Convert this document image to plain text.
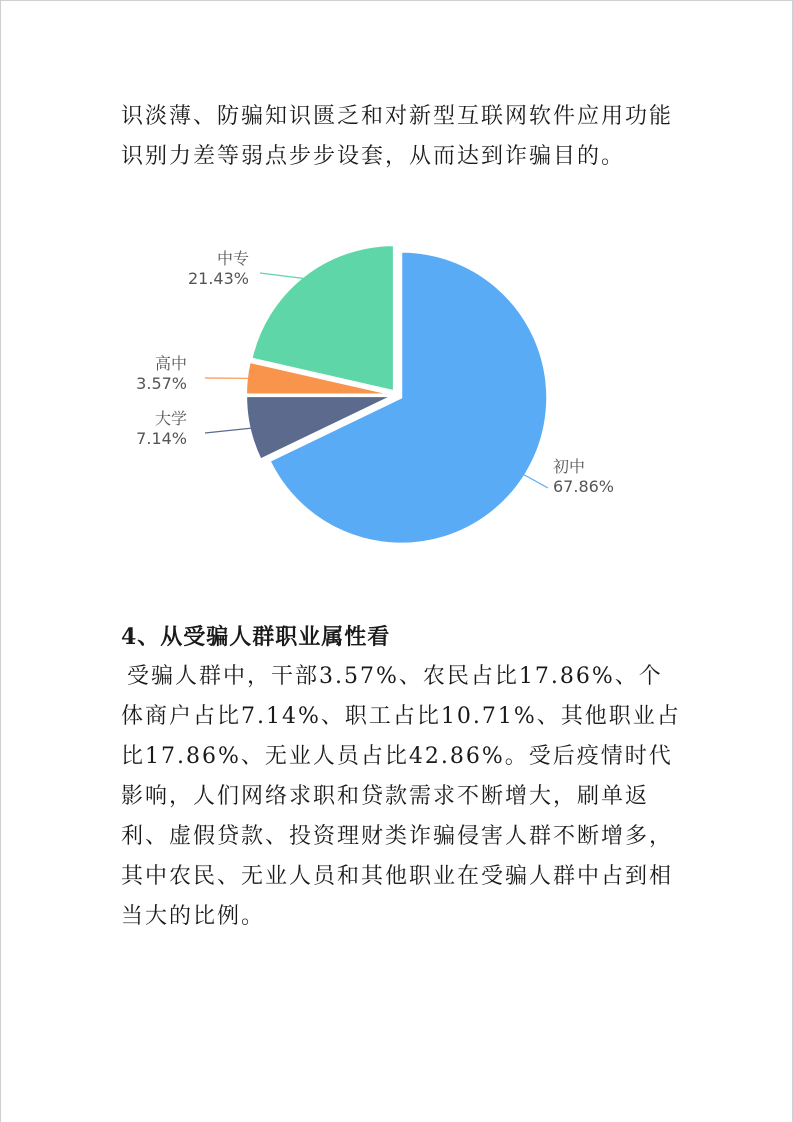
识淡薄、防骗知识匮乏和对新型互联网软件应用功能识别力差等弱点步步设套，从而达到诈骗目的。

初中
67.86%
大学
7.14%
高中
3.57%
中专
21.43%
4、从受骗人群职业属性看

受骗人群中，干部3.57%、农民占比17.86%、个体商户占比7.14%、职工占比10.71%、其他职业占比17.86%、无业人员占比42.86%。受后疫情时代影响，人们网络求职和贷款需求不断增大，刷单返利、虚假贷款、投资理财类诈骗侵害人群不断增多，其中农民、无业人员和其他职业在受骗人群中占到相当大的比例。
